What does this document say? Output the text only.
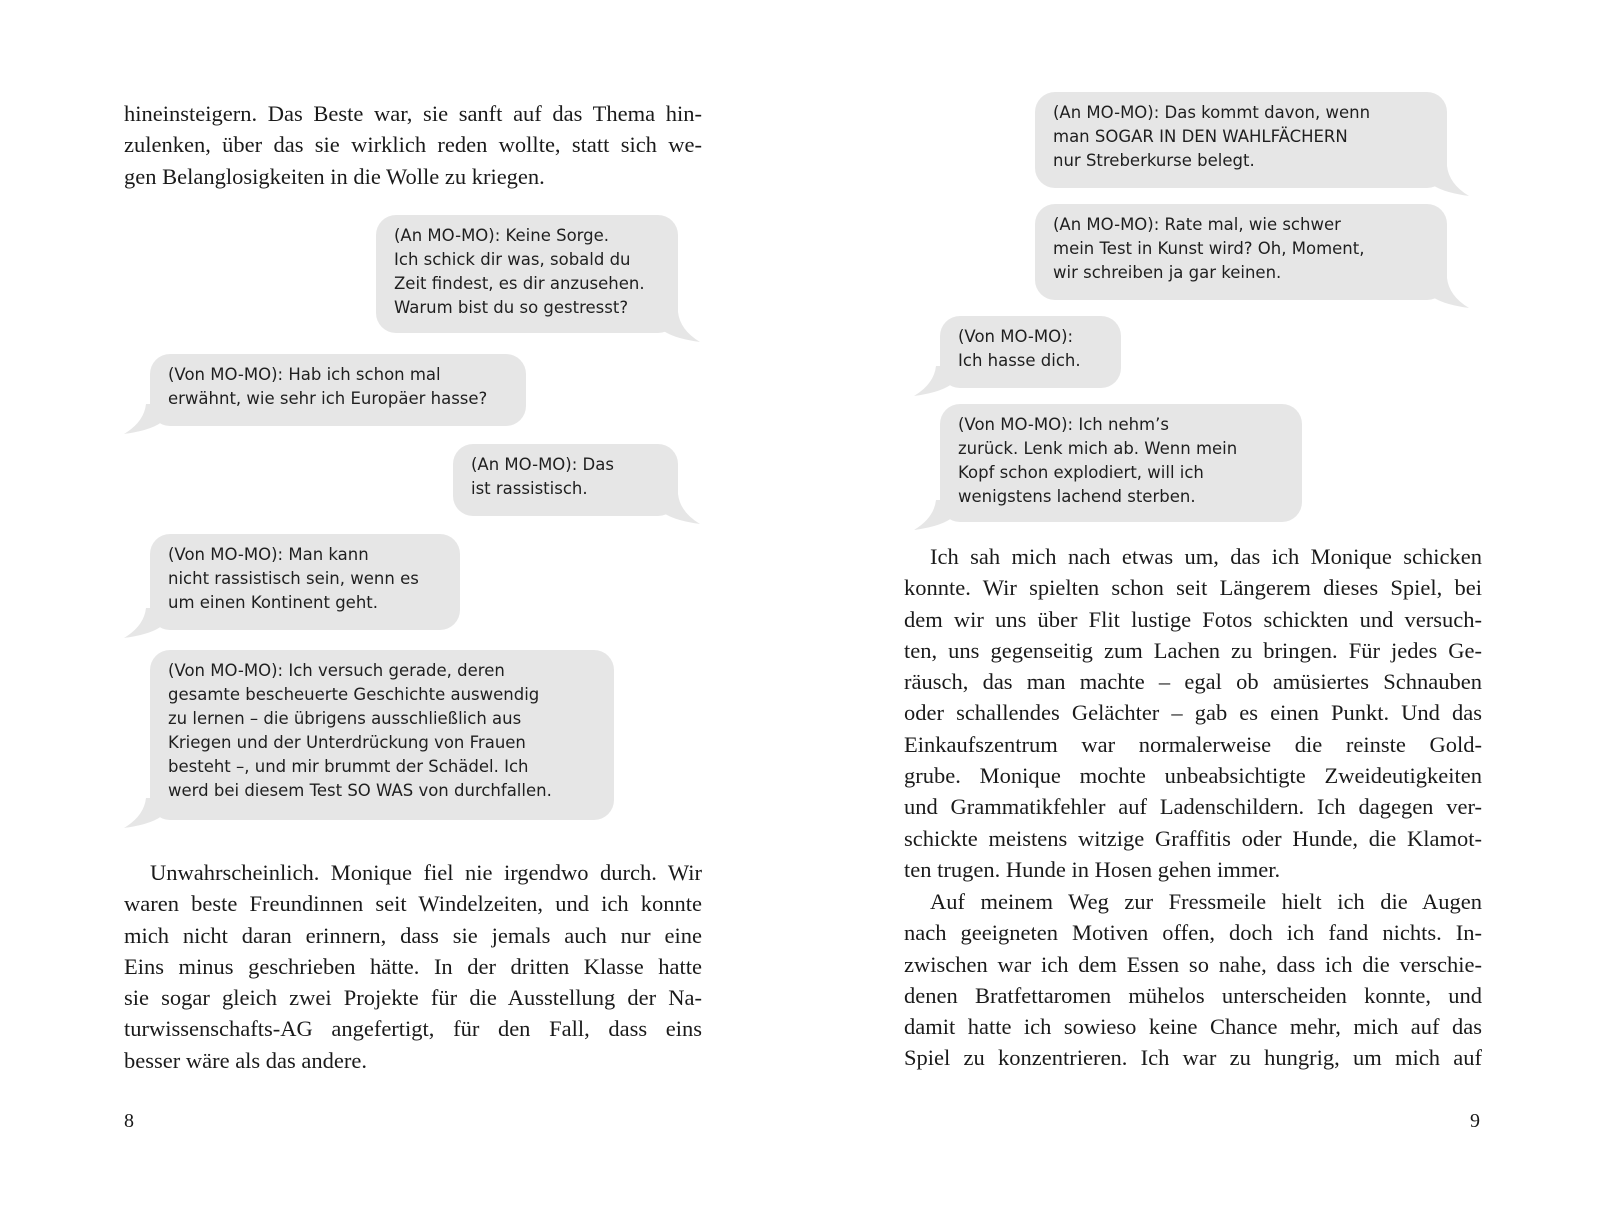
hineinsteigern. Das Beste war, sie sanft auf das Thema hin-
zulenken, über das sie wirklich reden wollte, statt sich we-
gen Belanglosigkeiten in die Wolle zu kriegen.
(An MO-MO): Keine Sorge.
Ich schick dir was, sobald du
Zeit findest, es dir anzusehen.
Warum bist du so gestresst?
(Von MO-MO): Hab ich schon mal
erwähnt, wie sehr ich Europäer hasse?
(An MO-MO): Das
ist rassistisch.
(Von MO-MO): Man kann
nicht rassistisch sein, wenn es
um einen Kontinent geht.
(Von MO-MO): Ich versuch gerade, deren
gesamte bescheuerte Geschichte auswendig
zu lernen – die übrigens ausschließlich aus
Kriegen und der Unterdrückung von Frauen
besteht –, und mir brummt der Schädel. Ich
werd bei diesem Test SO WAS von durchfallen.
Unwahrscheinlich. Monique fiel nie irgendwo durch. Wir
waren beste Freundinnen seit Windelzeiten, und ich konnte
mich nicht daran erinnern, dass sie jemals auch nur eine
Eins minus geschrieben hätte. In der dritten Klasse hatte
sie sogar gleich zwei Projekte für die Ausstellung der Na-
turwissenschafts-AG angefertigt, für den Fall, dass eins
besser wäre als das andere.
8
(An MO-MO): Das kommt davon, wenn
man SOGAR IN DEN WAHLFÄCHERN
nur Streberkurse belegt.
(An MO-MO): Rate mal, wie schwer
mein Test in Kunst wird? Oh, Moment,
wir schreiben ja gar keinen.
(Von MO-MO):
Ich hasse dich.
(Von MO-MO): Ich nehm’s
zurück. Lenk mich ab. Wenn mein
Kopf schon explodiert, will ich
wenigstens lachend sterben.
Ich sah mich nach etwas um, das ich Monique schicken
konnte. Wir spielten schon seit Längerem dieses Spiel, bei
dem wir uns über Flit lustige Fotos schickten und versuch-
ten, uns gegenseitig zum Lachen zu bringen. Für jedes Ge-
räusch, das man machte – egal ob amüsiertes Schnauben
oder schallendes Gelächter – gab es einen Punkt. Und das
Einkaufszentrum war normalerweise die reinste Gold-
grube. Monique mochte unbeabsichtigte Zweideutigkeiten
und Grammatikfehler auf Ladenschildern. Ich dagegen ver-
schickte meistens witzige Graffitis oder Hunde, die Klamot-
ten trugen. Hunde in Hosen gehen immer.
Auf meinem Weg zur Fressmeile hielt ich die Augen
nach geeigneten Motiven offen, doch ich fand nichts. In-
zwischen war ich dem Essen so nahe, dass ich die verschie-
denen Bratfettaromen mühelos unterscheiden konnte, und
damit hatte ich sowieso keine Chance mehr, mich auf das
Spiel zu konzentrieren. Ich war zu hungrig, um mich auf
9
